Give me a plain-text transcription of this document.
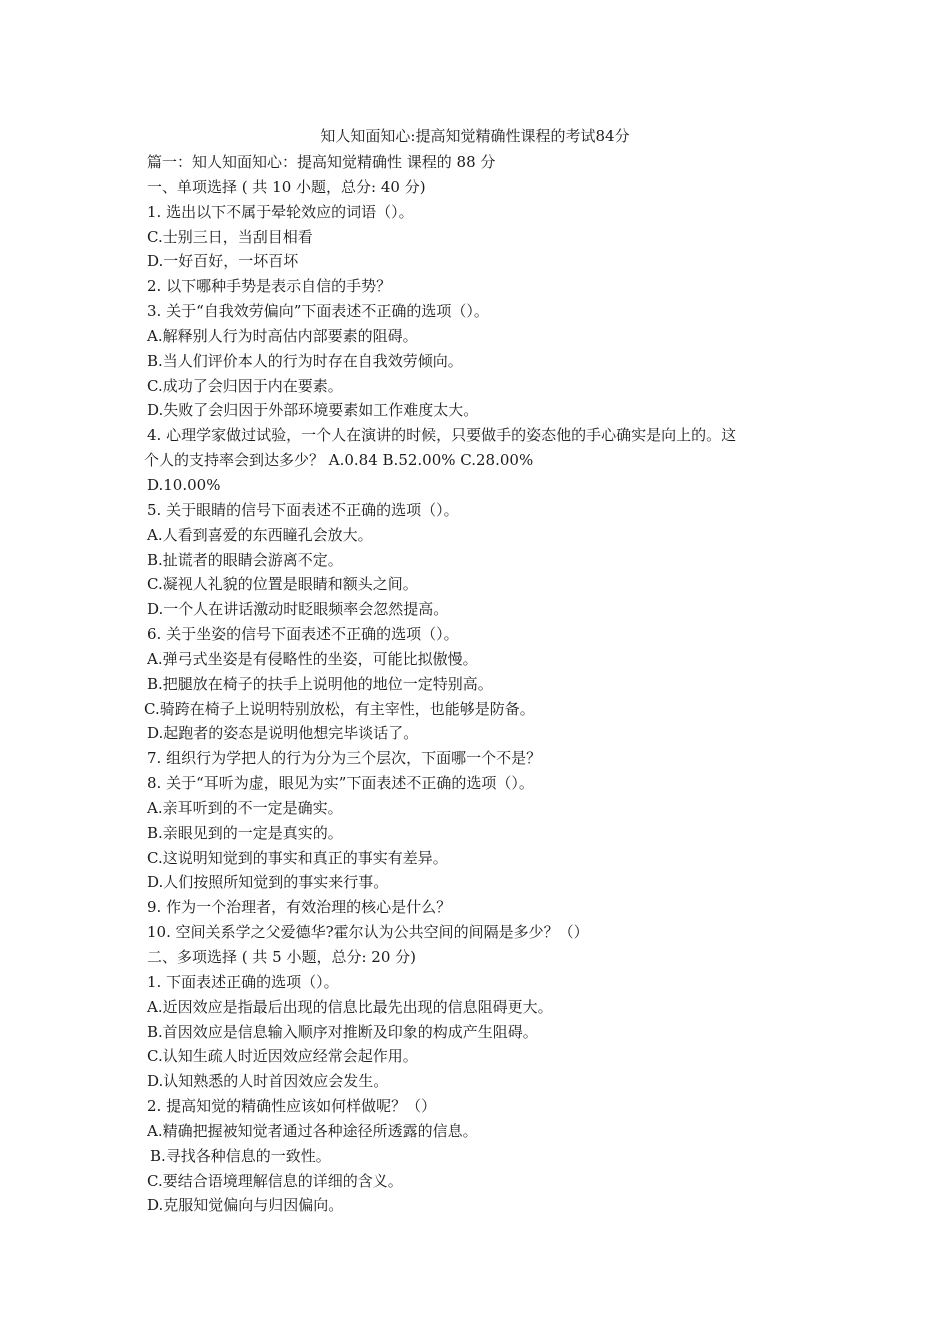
知人知面知心:提高知觉精确性课程的考试84分
篇一：知人知面知心：提高知觉精确性 课程的 88 分
一、单项选择 ( 共 10 小题，总分: 40 分)
1. 选出以下不属于晕轮效应的词语（）。
C.士别三日，当刮目相看
D.一好百好，一坏百坏
2. 以下哪种手势是表示自信的手势？
3. 关于“自我效劳偏向”下面表述不正确的选项（）。
A.解释别人行为时高估内部要素的阻碍。
B.当人们评价本人的行为时存在自我效劳倾向。
C.成功了会归因于内在要素。
D.失败了会归因于外部环境要素如工作难度太大。
4. 心理学家做过试验，一个人在演讲的时候，只要做手的姿态他的手心确实是向上的。这
个人的支持率会到达多少？ A.0.84 B.52.00% C.28.00%
D.10.00%
5. 关于眼睛的信号下面表述不正确的选项（）。
A.人看到喜爱的东西瞳孔会放大。
B.扯谎者的眼睛会游离不定。
C.凝视人礼貌的位置是眼睛和额头之间。
D.一个人在讲话激动时眨眼频率会忽然提高。
6. 关于坐姿的信号下面表述不正确的选项（）。
A.弹弓式坐姿是有侵略性的坐姿，可能比拟傲慢。
B.把腿放在椅子的扶手上说明他的地位一定特别高。
C.骑跨在椅子上说明特别放松，有主宰性，也能够是防备。
D.起跑者的姿态是说明他想完毕谈话了。
7. 组织行为学把人的行为分为三个层次，下面哪一个不是？
8. 关于“耳听为虚，眼见为实”下面表述不正确的选项（）。
A.亲耳听到的不一定是确实。
B.亲眼见到的一定是真实的。
C.这说明知觉到的事实和真正的事实有差异。
D.人们按照所知觉到的事实来行事。
9. 作为一个治理者，有效治理的核心是什么？
10. 空间关系学之父爱德华?霍尔认为公共空间的间隔是多少？（）
二、多项选择 ( 共 5 小题，总分: 20 分)
1. 下面表述正确的选项（）。
A.近因效应是指最后出现的信息比最先出现的信息阻碍更大。
B.首因效应是信息输入顺序对推断及印象的构成产生阻碍。
C.认知生疏人时近因效应经常会起作用。
D.认知熟悉的人时首因效应会发生。
2. 提高知觉的精确性应该如何样做呢？（）
A.精确把握被知觉者通过各种途径所透露的信息。
B.寻找各种信息的一致性。
C.要结合语境理解信息的详细的含义。
D.克服知觉偏向与归因偏向。
